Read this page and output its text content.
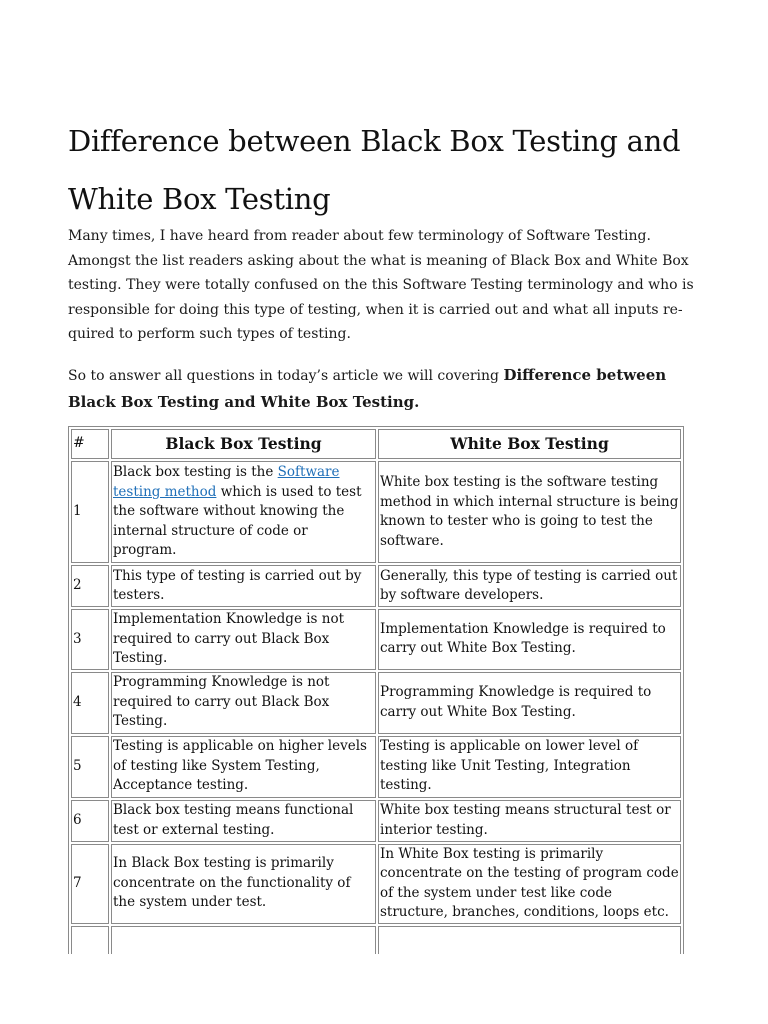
Difference between Black Box Testing and White Box Testing

Many times, I have heard from reader about few terminology of Software Testing. Amongst the list readers asking about the what is meaning of Black Box and White Box testing. They were totally confused on the this Software Testing terminology and who is responsible for doing this type of testing, when it is carried out and what all inputs re-quired to perform such types of testing.

So to answer all questions in today’s article we will covering Difference between Black Box Testing and White Box Testing.

#	Black Box Testing	White Box Testing
1	Black box testing is the Software testing method which is used to test the software without knowing the internal structure of code or program.	White box testing is the software testing method in which internal structure is being known to tester who is going to test the software.
2	This type of testing is carried out by testers.	Generally, this type of testing is carried out by software developers.
3	Implementation Knowledge is not required to carry out Black Box Testing.	Implementation Knowledge is required to carry out White Box Testing.
4	Programming Knowledge is not required to carry out Black Box Testing.	Programming Knowledge is required to carry out White Box Testing.
5	Testing is applicable on higher levels of testing like System Testing, Acceptance testing.	Testing is applicable on lower level of testing like Unit Testing, Integration testing.
6	Black box testing means functional test or external testing.	White box testing means structural test or interior testing.
7	In Black Box testing is primarily concentrate on the functionality of the system under test.	In White Box testing is primarily concentrate on the testing of program code of the system under test like code structure, branches, conditions, loops etc.
